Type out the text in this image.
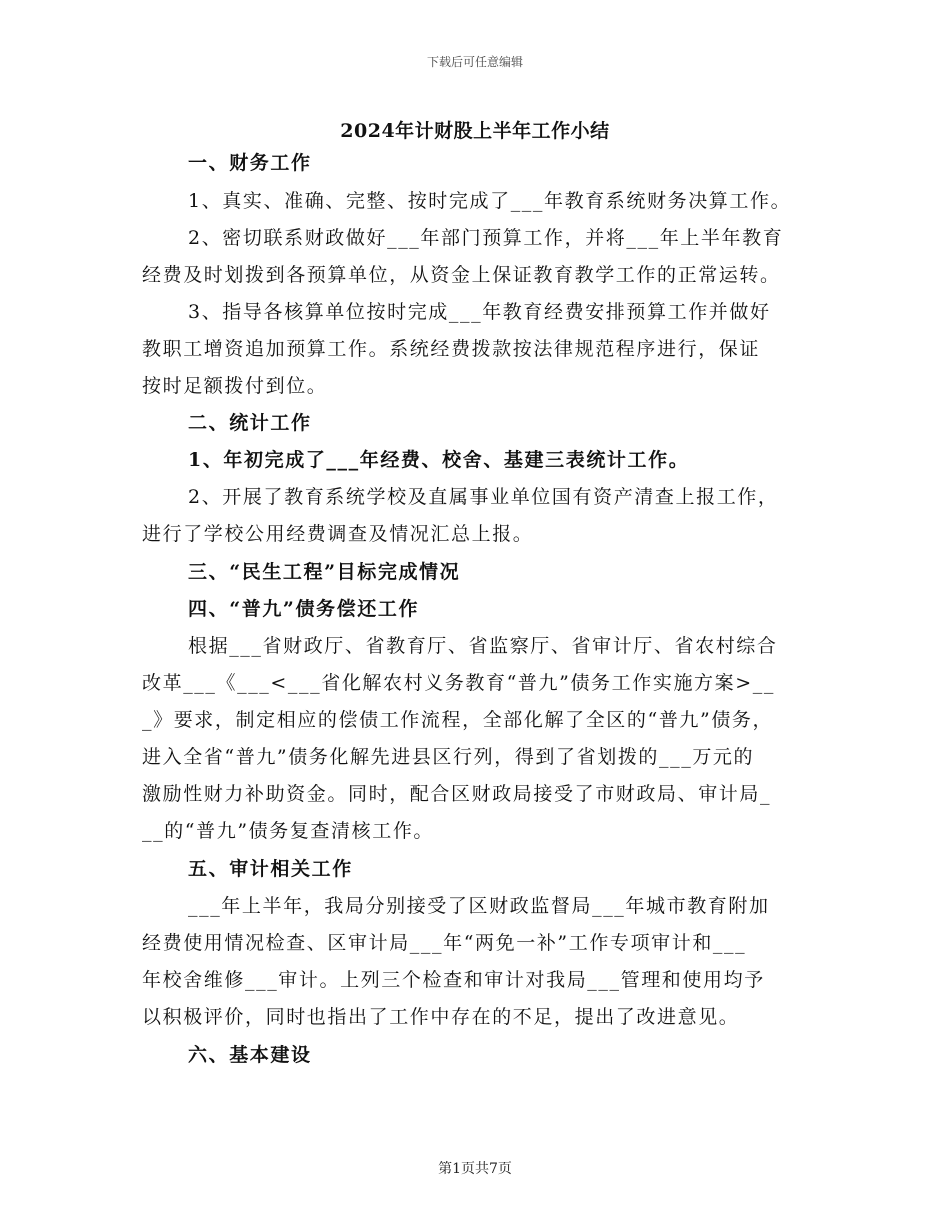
下载后可任意编辑
2024年计财股上半年工作小结
一、财务工作
1、真实、准确、完整、按时完成了___年教育系统财务决算工作。
2、密切联系财政做好___年部门预算工作，并将___年上半年教育
经费及时划拨到各预算单位，从资金上保证教育教学工作的正常运转。
3、指导各核算单位按时完成___年教育经费安排预算工作并做好
教职工增资追加预算工作。系统经费拨款按法律规范程序进行，保证
按时足额拨付到位。
二、统计工作
1、年初完成了___年经费、校舍、基建三表统计工作。
2、开展了教育系统学校及直属事业单位国有资产清查上报工作，
进行了学校公用经费调查及情况汇总上报。
三、“民生工程”目标完成情况
四、“普九”债务偿还工作
根据___省财政厅、省教育厅、省监察厅、省审计厅、省农村综合
改革___《___<___省化解农村义务教育“普九”债务工作实施方案>__
_》要求，制定相应的偿债工作流程，全部化解了全区的“普九”债务，
进入全省“普九”债务化解先进县区行列，得到了省划拨的___万元的
激励性财力补助资金。同时，配合区财政局接受了市财政局、审计局_
__的“普九”债务复查清核工作。
五、审计相关工作
___年上半年，我局分别接受了区财政监督局___年城市教育附加
经费使用情况检查、区审计局___年“两免一补”工作专项审计和___
年校舍维修___审计。上列三个检查和审计对我局___管理和使用均予
以积极评价，同时也指出了工作中存在的不足，提出了改进意见。
六、基本建设
第1页共7页
